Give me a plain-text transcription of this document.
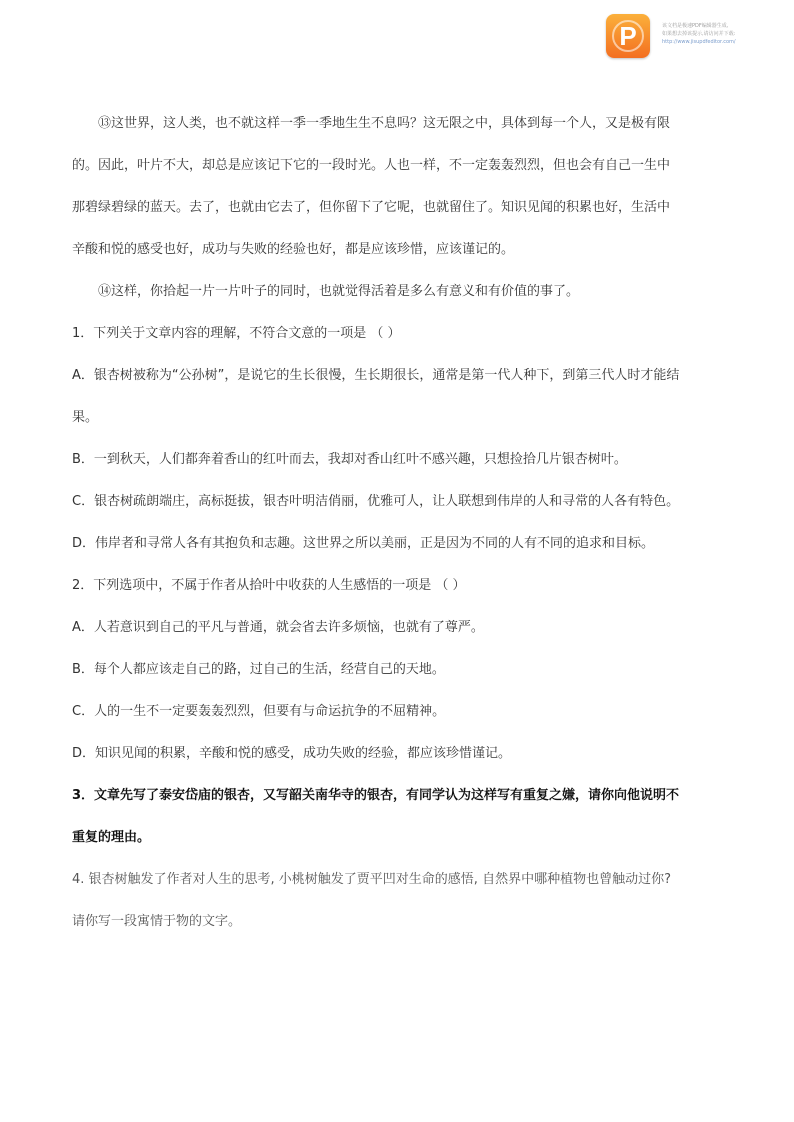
P	该文档是极速PDF编辑器生成,
如果想去掉该提示,请访问并下载:
http://www.jisupdfeditor.com/

⑬这世界，这人类，也不就这样一季一季地生生不息吗？这无限之中，具体到每一个人，又是极有限

的。因此，叶片不大，却总是应该记下它的一段时光。人也一样，不一定轰轰烈烈，但也会有自己一生中

那碧绿碧绿的蓝天。去了，也就由它去了，但你留下了它呢，也就留住了。知识见闻的积累也好，生活中

辛酸和悦的感受也好，成功与失败的经验也好，都是应该珍惜，应该谨记的。

⑭这样，你拾起一片一片叶子的同时，也就觉得活着是多么有意义和有价值的事了。

1．下列关于文章内容的理解，不符合文意的一项是 （ ）

A．银杏树被称为“公孙树”，是说它的生长很慢，生长期很长，通常是第一代人种下，到第三代人时才能结

果。

B．一到秋天，人们都奔着香山的红叶而去，我却对香山红叶不感兴趣，只想捡拾几片银杏树叶。

C．银杏树疏朗端庄，高标挺拔，银杏叶明洁俏丽，优雅可人，让人联想到伟岸的人和寻常的人各有特色。

D．伟岸者和寻常人各有其抱负和志趣。这世界之所以美丽，正是因为不同的人有不同的追求和目标。

2．下列选项中，不属于作者从拾叶中收获的人生感悟的一项是 （ ）

A．人若意识到自己的平凡与普通，就会省去许多烦恼，也就有了尊严。

B．每个人都应该走自己的路，过自己的生活，经营自己的天地。

C．人的一生不一定要轰轰烈烈，但要有与命运抗争的不屈精神。

D．知识见闻的积累，辛酸和悦的感受，成功失败的经验，都应该珍惜谨记。

3．文章先写了泰安岱庙的银杏，又写韶关南华寺的银杏，有同学认为这样写有重复之嫌，请你向他说明不

重复的理由。

4. 银杏树触发了作者对人生的思考, 小桃树触发了贾平凹对生命的感悟, 自然界中哪种植物也曾触动过你?

请你写一段寓情于物的文字。
